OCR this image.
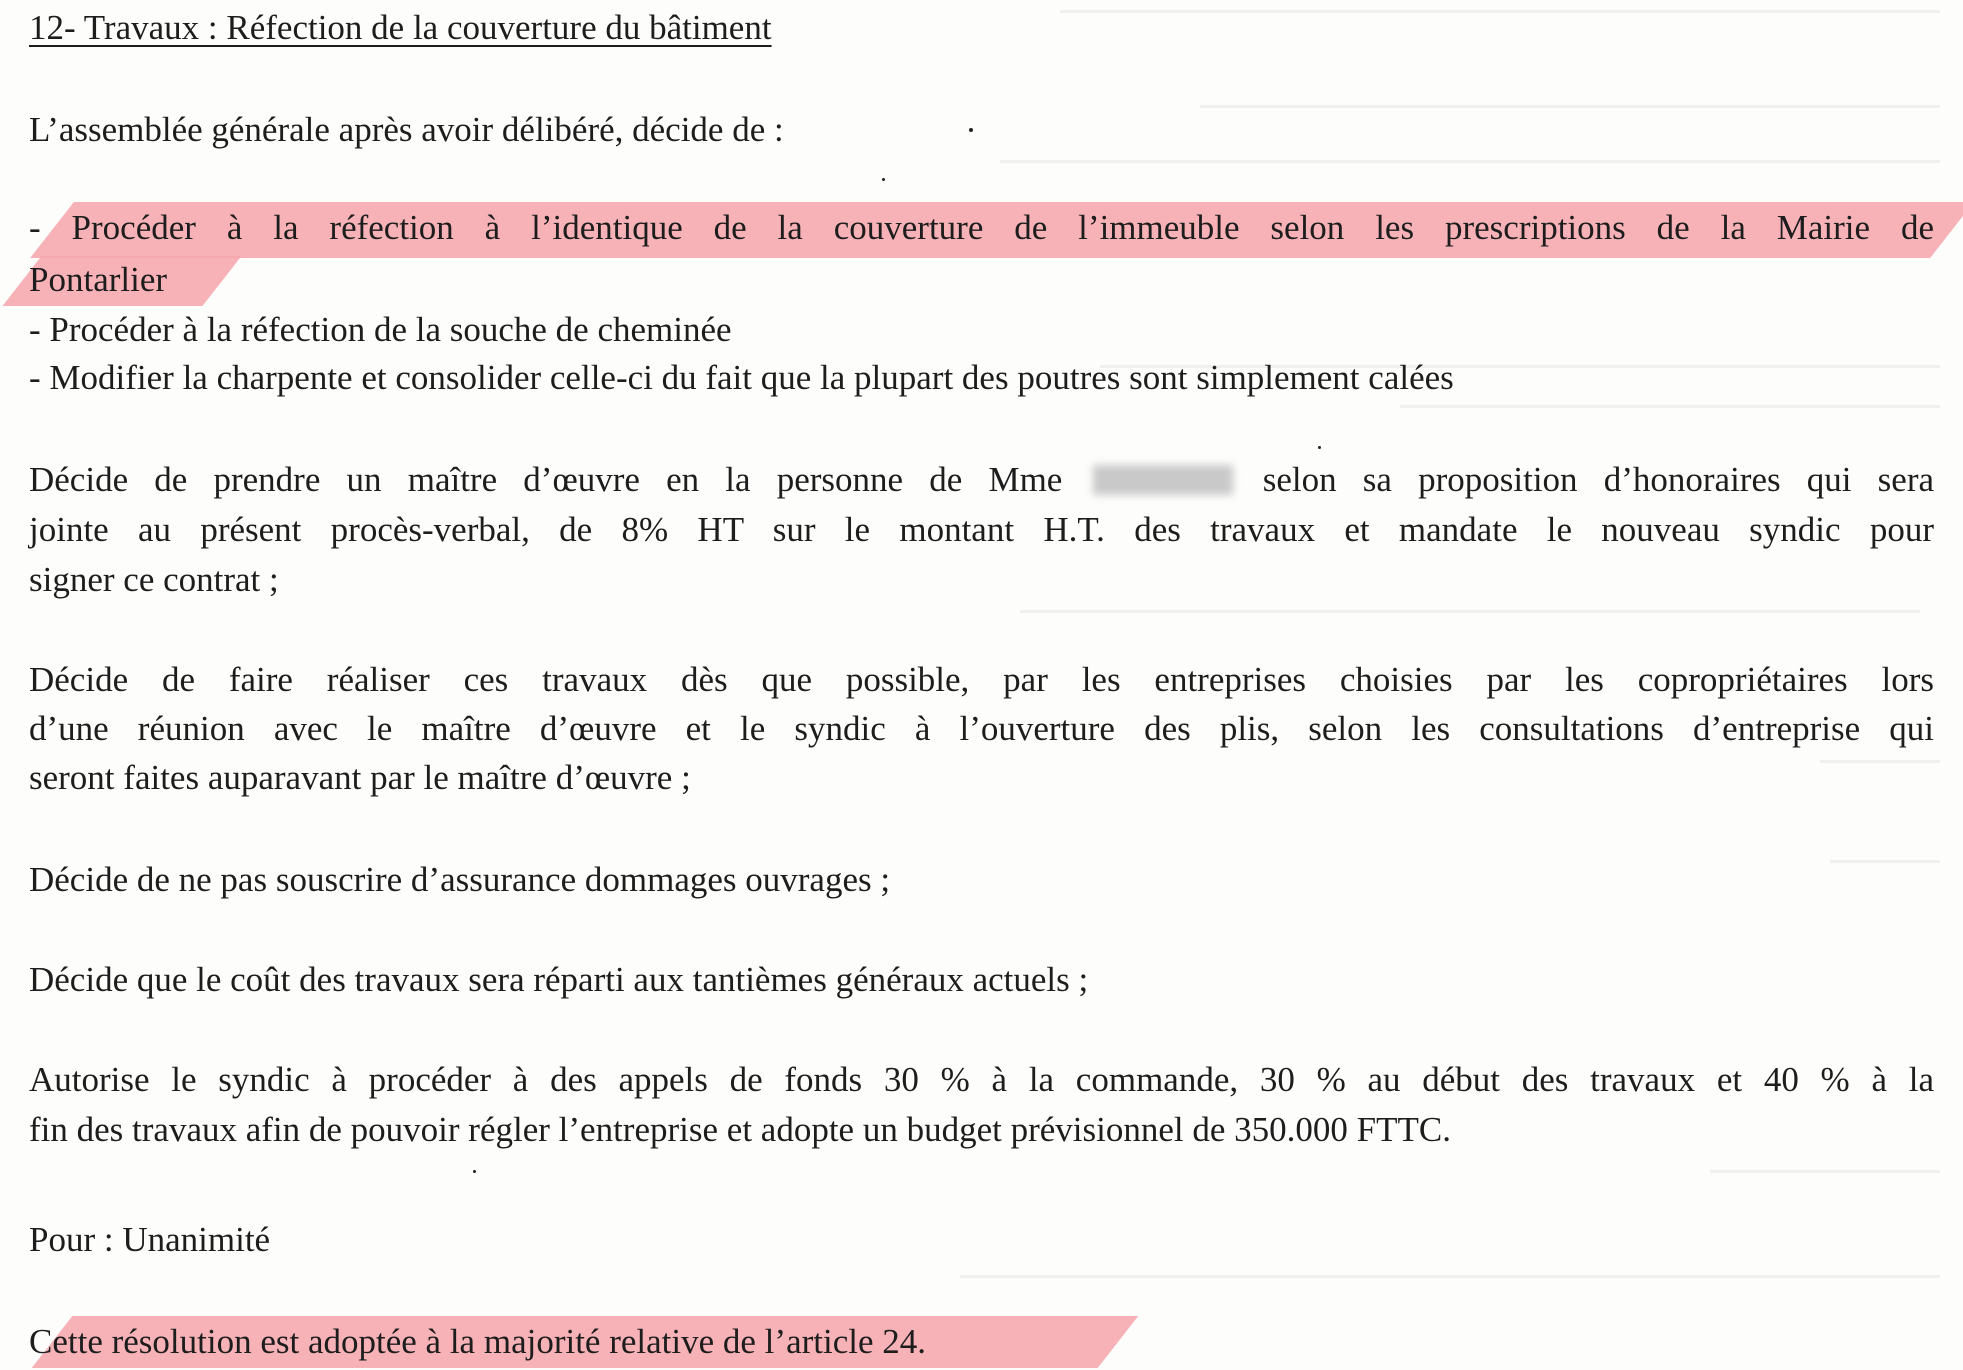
12- Travaux : Réfection de la couverture du bâtiment
L’assemblée générale après avoir délibéré, décide de :
- Procéder à la réfection à l’identique de la couverture de l’immeuble selon les prescriptions de la Mairie de
Pontarlier
- Procéder à la réfection de la souche de cheminée
- Modifier la charpente et consolider celle-ci du fait que la plupart des poutres sont simplement calées
Décide de prendre un maître d’œuvre en la personne de Mme	selon sa proposition d’honoraires qui sera
jointe au présent procès-verbal, de 8% HT sur le montant H.T. des travaux et mandate le nouveau syndic pour
signer ce contrat ;
Décide de faire réaliser ces travaux dès que possible, par les entreprises choisies par les copropriétaires lors
d’une réunion avec le maître d’œuvre et le syndic à l’ouverture des plis, selon les consultations d’entreprise qui
seront faites auparavant par le maître d’œuvre ;
Décide de ne pas souscrire d’assurance dommages ouvrages ;
Décide que le coût des travaux sera réparti aux tantièmes généraux actuels ;
Autorise le syndic à procéder à des appels de fonds 30 % à la commande, 30 % au début des travaux et 40 % à la
fin des travaux afin de pouvoir régler l’entreprise et adopte un budget prévisionnel de 350.000 FTTC.
Pour : Unanimité
Cette résolution est adoptée à la majorité relative de l’article 24.
